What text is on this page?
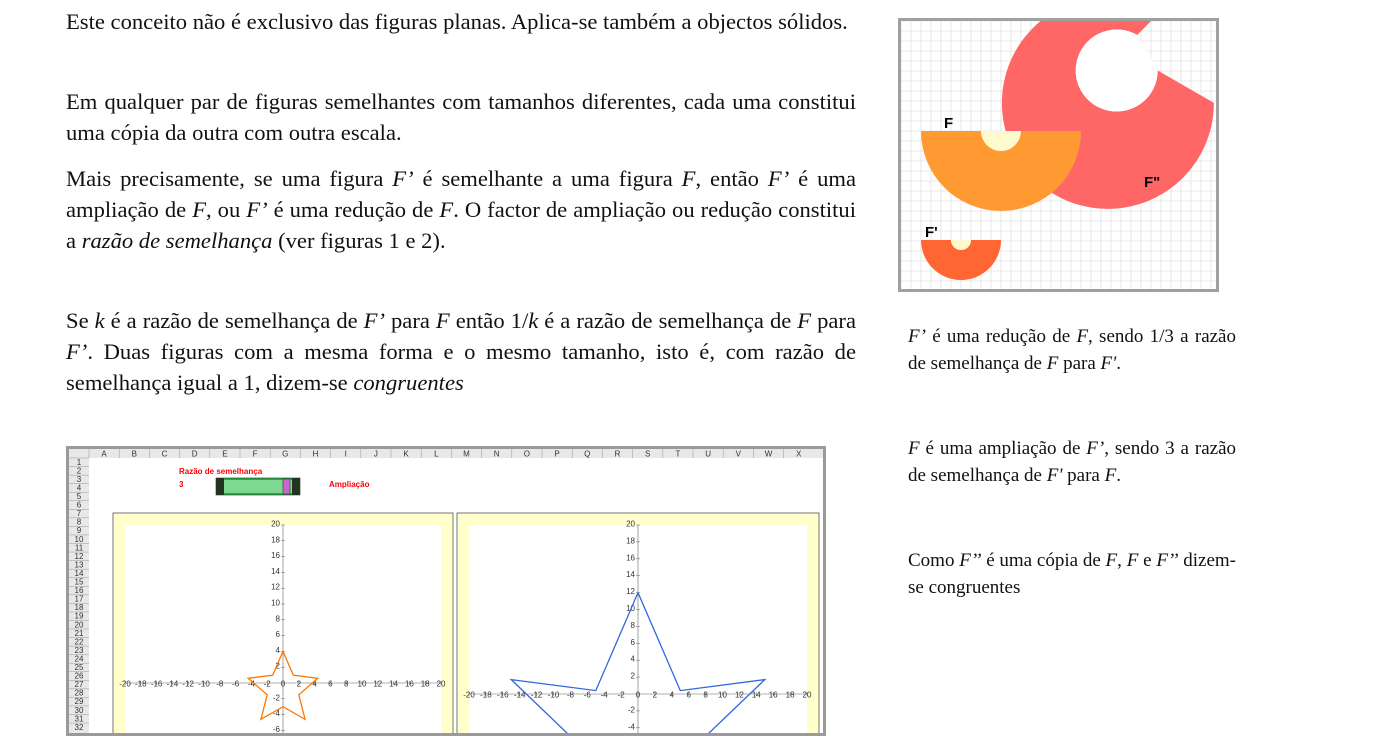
Este conceito não é exclusivo das figuras planas. Aplica-se também a objectos sólidos.

Em qualquer par de figuras semelhantes com tamanhos diferentes, cada uma constitui uma cópia da outra com outra escala.

Mais precisamente, se uma figura F’ é semelhante a uma figura F, então F’ é uma ampliação de F, ou F’ é uma redução de F. O factor de ampliação ou redução constitui a razão de semelhança (ver figuras 1 e 2).

Se k é a razão de semelhança de F’ para F então 1/k é a razão de semelhança de F para F’. Duas figuras com a mesma forma e o mesmo tamanho, isto é, com razão de semelhança igual a 1, dizem-se congruentes

F
F'
F"

F’ é uma redução de F, sendo 1/3 a razão de semelhança de F para F'.

F é uma ampliação de F’, sendo 3 a razão de semelhança de F' para F.

Como F’’ é uma cópia de F, F e F’’ dizem-se congruentes

A	B	C	D	E	F	G	H	I	J	K	L	M	N	O	P	Q	R	S	T	U	V	W	X
1
2
3
4
5
6
7
8
9
10
11
12
13
14
15
16
17
18
19
20
21
22
23
24
25
26
27
28
29
30
31
32
Razão de semelhança
3	Ampliação
-20 -18 -16 -14 -12 -10 -8 -6 -4 -2 0 2 4 6 8 10 12 14 16 18 20
20
18
16
14
12
10
8
6
4
2
-2
-4
-6
-20 -18 -16 -14 -12 -10 -8 -6 -4 -2 0 2 4 6 8 10 12 14 16 18 20
20
18
16
14
12
10
8
6
4
2
-2
-4
